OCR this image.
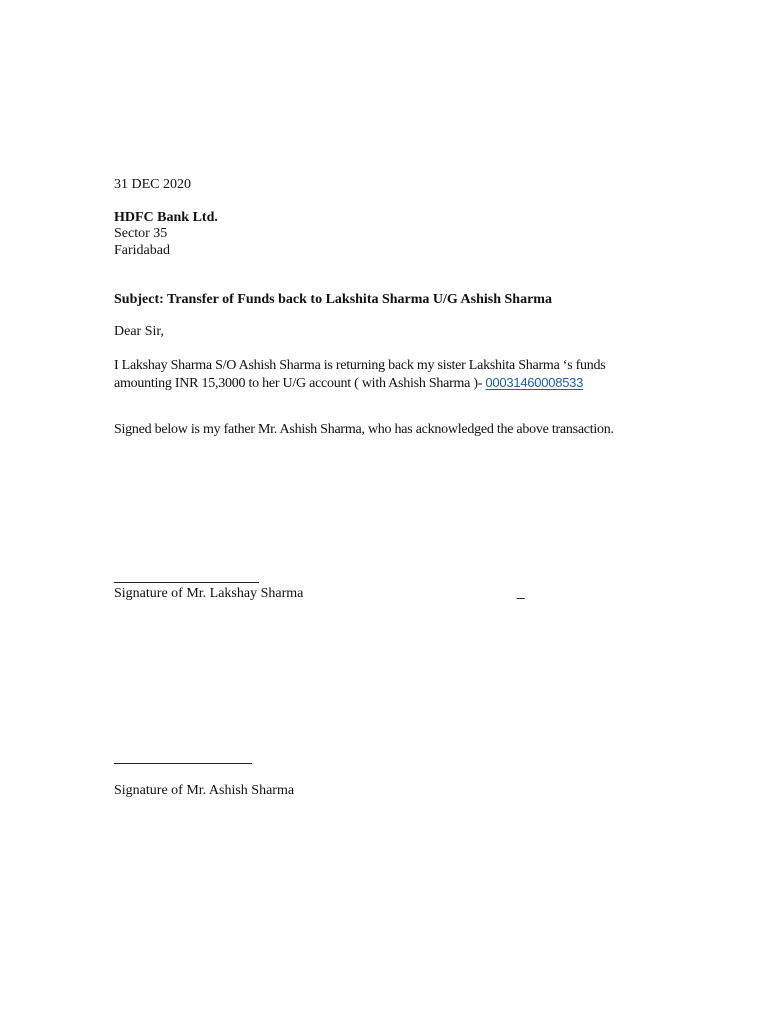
31 DEC 2020
HDFC Bank Ltd.
Sector 35
Faridabad
Subject: Transfer of Funds back to Lakshita Sharma U/G Ashish Sharma
Dear Sir,
I Lakshay Sharma S/O Ashish Sharma is returning back my sister Lakshita Sharma ‘s funds
amounting INR 15,3000 to her U/G account ( with Ashish Sharma )- 00031460008533
Signed below is my father Mr. Ashish Sharma, who has acknowledged the above transaction.
Signature of Mr. Lakshay Sharma	_
Signature of Mr. Ashish Sharma
